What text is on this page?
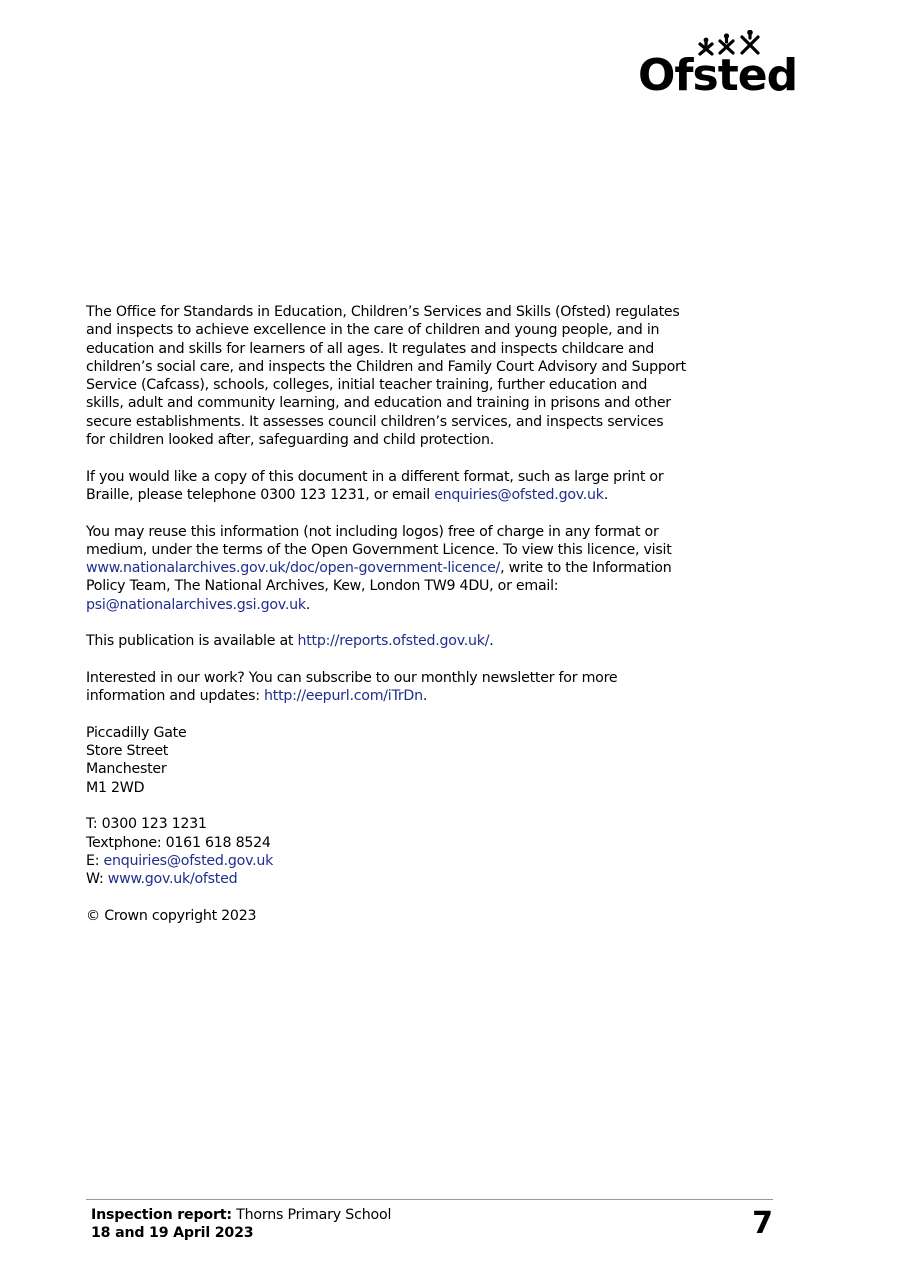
Ofsted

The Office for Standards in Education, Children’s Services and Skills (Ofsted) regulates and inspects to achieve excellence in the care of children and young people, and in education and skills for learners of all ages. It regulates and inspects childcare and children’s social care, and inspects the Children and Family Court Advisory and Support Service (Cafcass), schools, colleges, initial teacher training, further education and skills, adult and community learning, and education and training in prisons and other secure establishments. It assesses council children’s services, and inspects services for children looked after, safeguarding and child protection.

If you would like a copy of this document in a different format, such as large print or Braille, please telephone 0300 123 1231, or email enquiries@ofsted.gov.uk.

You may reuse this information (not including logos) free of charge in any format or medium, under the terms of the Open Government Licence. To view this licence, visit www.nationalarchives.gov.uk/doc/open-government-licence/, write to the Information Policy Team, The National Archives, Kew, London TW9 4DU, or email: psi@nationalarchives.gsi.gov.uk.

This publication is available at http://reports.ofsted.gov.uk/.

Interested in our work? You can subscribe to our monthly newsletter for more information and updates: http://eepurl.com/iTrDn.

Piccadilly Gate
Store Street
Manchester
M1 2WD

T: 0300 123 1231
Textphone: 0161 618 8524
E: enquiries@ofsted.gov.uk
W: www.gov.uk/ofsted

© Crown copyright 2023

Inspection report: Thorns Primary School
18 and 19 April 2023	7
